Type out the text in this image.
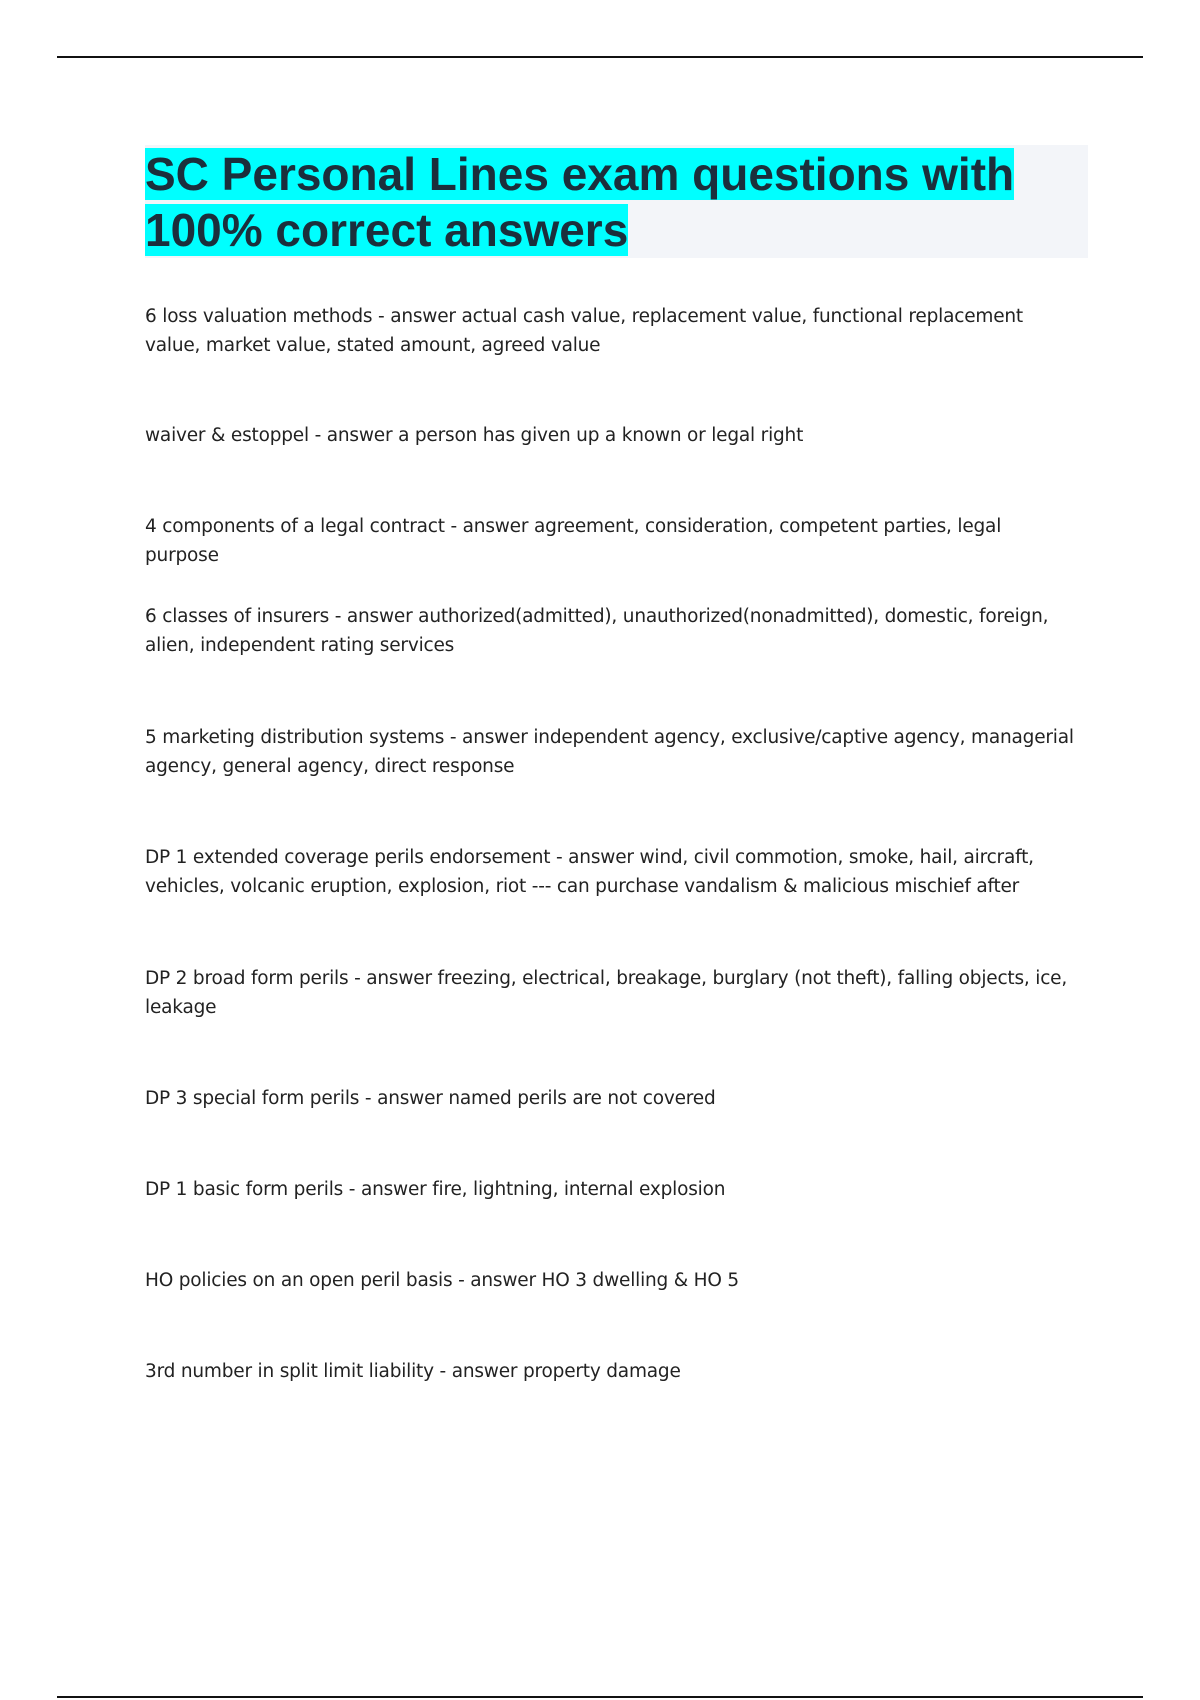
SC Personal Lines exam questions with
100% correct answers
6 loss valuation methods - answer actual cash value, replacement value, functional replacement value, market value, stated amount, agreed value
waiver & estoppel - answer a person has given up a known or legal right
4 components of a legal contract - answer agreement, consideration, competent parties, legal purpose
6 classes of insurers - answer authorized(admitted), unauthorized(nonadmitted), domestic, foreign, alien, independent rating services
5 marketing distribution systems - answer independent agency, exclusive/captive agency, managerial agency, general agency, direct response
DP 1 extended coverage perils endorsement - answer wind, civil commotion, smoke, hail, aircraft, vehicles, volcanic eruption, explosion, riot --- can purchase vandalism & malicious mischief after
DP 2 broad form perils - answer freezing, electrical, breakage, burglary (not theft), falling objects, ice, leakage
DP 3 special form perils - answer named perils are not covered
DP 1 basic form perils - answer fire, lightning, internal explosion
HO policies on an open peril basis - answer HO 3 dwelling & HO 5
3rd number in split limit liability - answer property damage
